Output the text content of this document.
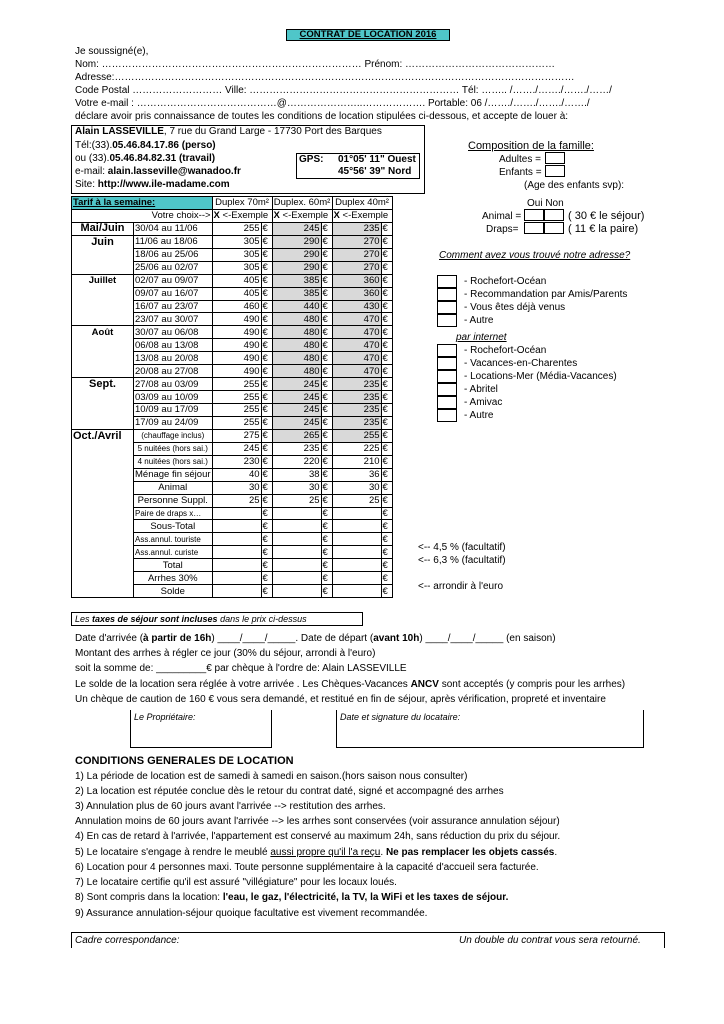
CONTRAT DE LOCATION 2016
Je soussigné(e),
Nom: …………………………………………………………………… Prénom: ………………………………………
Adresse:…………………………………………………………………………………………………………………………
Code Postal ……………………… Ville: ……………………………………………………… Tél: …….. /……./……./……./……/
Votre e-mail : ……………………………………@…………………..………………. Portable: 06 /……./……./……./……./
déclare avoir pris connaissance de toutes les conditions de location stipulées ci-dessous, et accepte de louer à:
Alain LASSEVILLE, 7 rue du Grand Large - 17730 Port des Barques
Tél:(33).05.46.84.17.86 (perso)
ou (33).05.46.84.82.31 (travail)
e-mail: alain.lasseville@wanadoo.fr
Site: http://www.ile-madame.com
GPS: 01°05' 11" Ouest
45°56' 39" Nord
Composition de la famille:
Adultes =
Enfants =
(Age des enfants svp):
Oui Non
Animal =	( 30 € le séjour)
Draps=	( 11 € la paire)
Comment avez vous trouvé notre adresse?
- Rochefort-Océan
- Recommandation par Amis/Parents
- Vous êtes déjà venus
- Autre
par internet
- Rochefort-Océan
- Vacances-en-Charentes
- Locations-Mer (Média-Vacances)
- Abritel
- Amivac
- Autre
Tarif à la semaine:		Duplex 70m²		Duplex. 60m²		Duplex 40m²	
	Votre choix-->	X <-Exemple		X <-Exemple		X <-Exemple	
Mai/Juin	30/04 au 11/06	255	€	245	€	235	€
Juin	11/06 au 18/06	305	€	290	€	270	€
	18/06 au 25/06	305	€	290	€	270	€
	25/06 au 02/07	305	€	290	€	270	€
Juillet	02/07 au 09/07	405	€	385	€	360	€
	09/07 au 16/07	405	€	385	€	360	€
	16/07 au 23/07	460	€	440	€	430	€
	23/07 au 30/07	490	€	480	€	470	€
Août	30/07 au 06/08	490	€	480	€	470	€
	06/08 au 13/08	490	€	480	€	470	€
	13/08 au 20/08	490	€	480	€	470	€
	20/08 au 27/08	490	€	480	€	470	€
Sept.	27/08 au 03/09	255	€	245	€	235	€
	03/09 au 10/09	255	€	245	€	235	€
	10/09 au 17/09	255	€	245	€	235	€
	17/09 au 24/09	255	€	245	€	235	€
Oct./Avril	(chauffage inclus)	275	€	265	€	255	€
	5 nuitées (hors sai.)	245	€	235	€	225	€
	4 nuitées (hors sai.)	230	€	220	€	210	€
	Ménage fin séjour	40	€	38	€	36	€
	Animal	30	€	30	€	30	€
	Personne Suppl.	25	€	25	€	25	€
	Paire de draps x…		€		€		€
	Sous-Total		€		€		€
	Ass.annul. touriste		€		€		€
	Ass.annul. curiste		€		€		€
	Total		€		€		€
	Arrhes 30%		€		€		€
	Solde		€		€		€
<-- 4,5 % (facultatif)
<-- 6,3 % (facultatif)
<-- arrondir à l'euro
Les taxes de séjour sont incluses dans le prix ci-dessus
Date d'arrivée (à partir de 16h) ____/____/_____. Date de départ (avant 10h) ____/____/_____ (en saison)
Montant des arrhes à régler ce jour (30% du séjour, arrondi à l'euro)
soit la somme de: _________€ par chèque à l'ordre de: Alain LASSEVILLE
Le solde de la location sera réglée à votre arrivée . Les Chèques-Vacances ANCV sont acceptés (y compris pour les arrhes)
Un chèque de caution de 160 € vous sera demandé, et restitué en fin de séjour, après vérification, propreté et inventaire
Le Propriétaire:	Date et signature du locataire:
CONDITIONS GENERALES DE LOCATION
1) La période de location est de samedi à samedi en saison.(hors saison nous consulter)
2) La location est réputée conclue dès le retour du contrat daté, signé et accompagné des arrhes
3) Annulation plus de 60 jours avant l'arrivée --> restitution des arrhes.
Annulation moins de 60 jours avant l'arrivée --> les arrhes sont conservées (voir assurance annulation séjour)
4) En cas de retard à l'arrivée, l'appartement est conservé au maximum 24h, sans réduction du prix du séjour.
5) Le locataire s'engage à rendre le meublé aussi propre qu'il l'a reçu. Ne pas remplacer les objets cassés.
6) Location pour 4 personnes maxi. Toute personne supplémentaire à la capacité d'accueil sera facturée.
7) Le locataire certifie qu'il est assuré "villégiature" pour les locaux loués.
8) Sont compris dans la location: l'eau, le gaz, l'électricité, la TV, la WiFi et les taxes de séjour.
9) Assurance annulation-séjour quoique facultative est vivement recommandée.
Cadre correspondance:	Un double du contrat vous sera retourné.
